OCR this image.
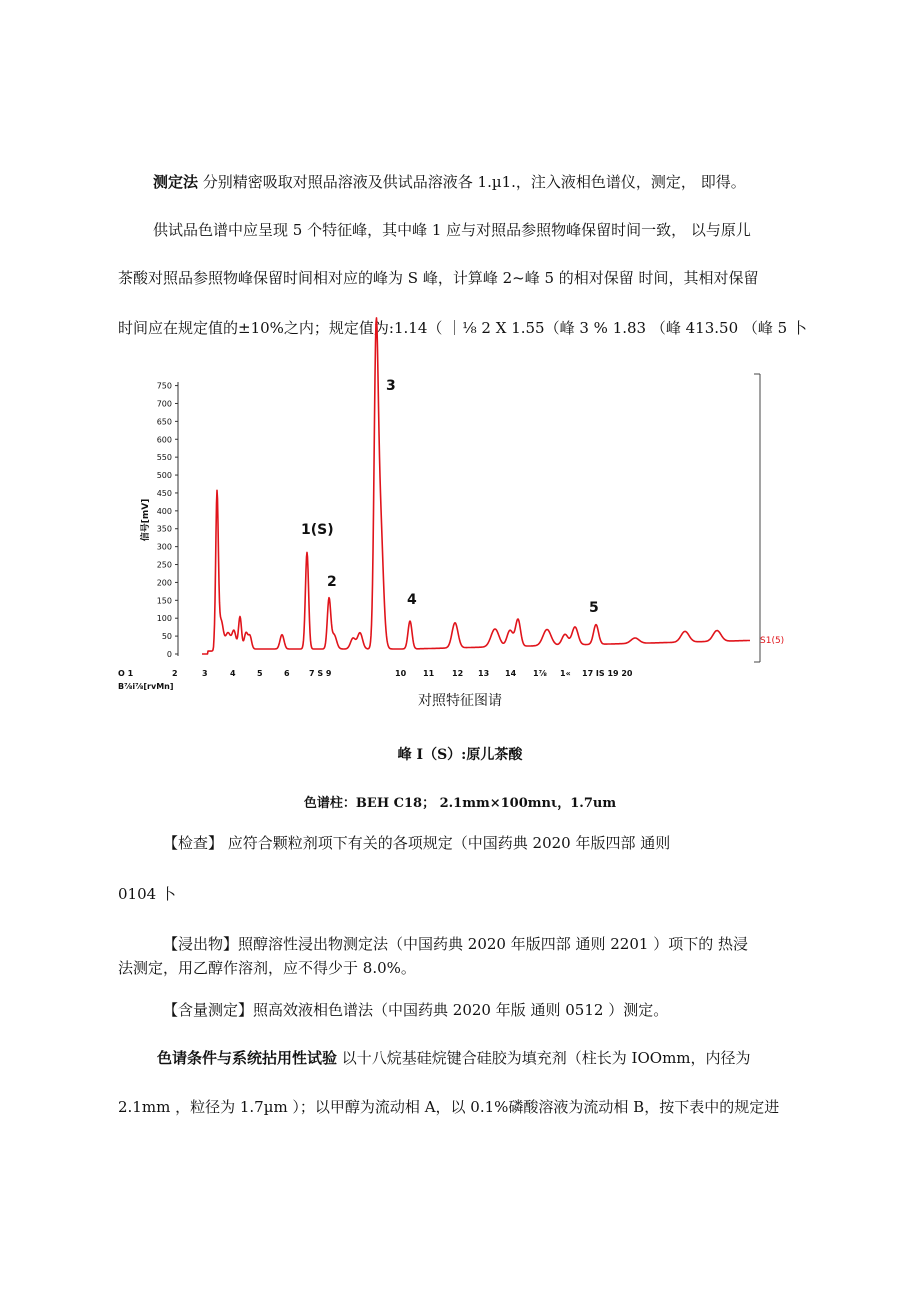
测定法 分别精密吸取对照品溶液及供试品溶液各 1.µ1.，注入液相色谱仪，测定， 即得。
供试品色谱中应呈现 5 个特征峰，其中峰 1 应与对照品参照物峰保留时间一致， 以与原儿
茶酸对照品参照物峰保留时间相对应的峰为 S 峰，计算峰 2~峰 5 的相对保留 时间，其相对保留
时间应在规定值的±10%之内；规定值为:1.14（ ｜⅛ 2 X 1.55（峰 3 % 1.83 （峰 413.50 （峰 5 卜
0
50
100
150
200
250
300
350
400
450
500
550
600
650
700
750
信号[mV]	1(S)
2
3
4	5
O 1	2	3	4	5	6 7 S 9	10 11 12 13 14 1⅞ 1« 17 IS 19 20
S1(5)
B⅞i⅞[rvMn]
对照特征图请
峰 I（S）:原儿茶酸
色谱柱：BEH C18； 2.1mm×100mnι，1.7um
【检查】 应符合颗粒剂项下有关的各项规定（中国药典 2020 年版四部 通则
0104 卜
【浸出物】照醇溶性浸出物测定法（中国药典 2020 年版四部 通则 2201 ）项下的 热浸
法测定，用乙醇作溶剂，应不得少于 8.0%。
【含量测定】照高效液相色谱法（中国药典 2020 年版 通则 0512 ）测定。
色请条件与系统拈用性试验 以十八烷基硅烷键合硅胶为填充剂（柱长为 IOOmm，内径为
2.1mm ，粒径为 1.7µm ）；以甲醇为流动相 A，以 0.1%磷酸溶液为流动相 B，按下表中的规定进
